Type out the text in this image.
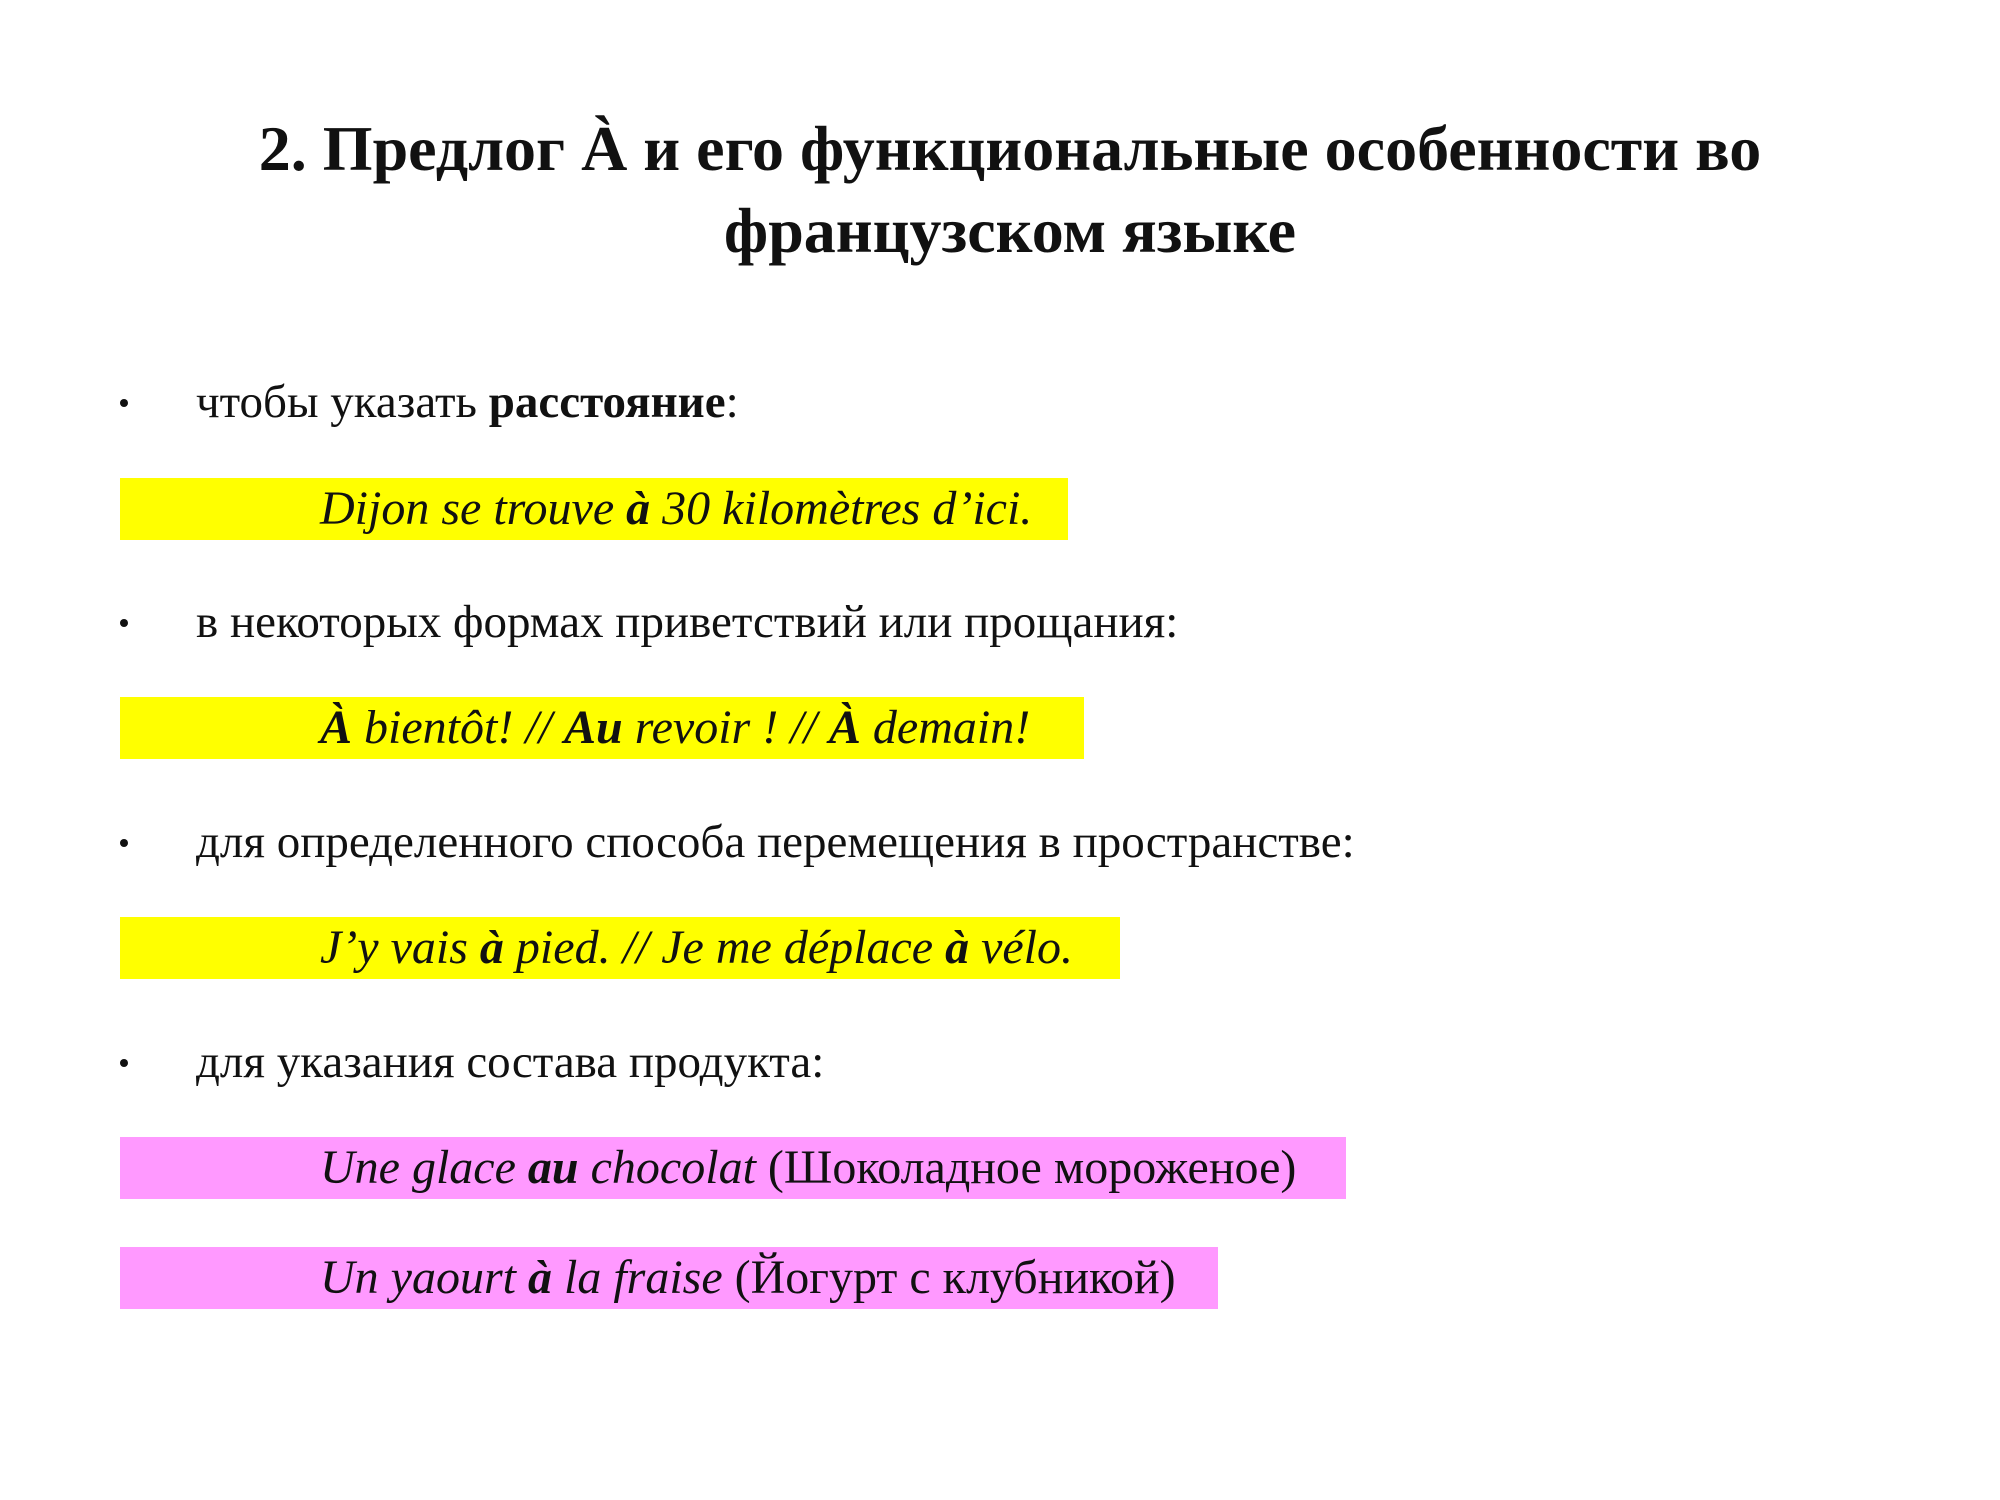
2. Предлог À и его функциональные особенности во французском языке
чтобы указать расстояние:
Dijon se trouve à 30 kilomètres d’ici.
в некоторых формах приветствий или прощания:
À bientôt! // Au revoir ! // À demain!
для определенного способа перемещения в пространстве:
J’y vais à pied. // Je me déplace à vélo.
для указания состава продукта:
Une glace au chocolat (Шоколадное мороженое)
Un yaourt à la fraise (Йогурт с клубникой)
